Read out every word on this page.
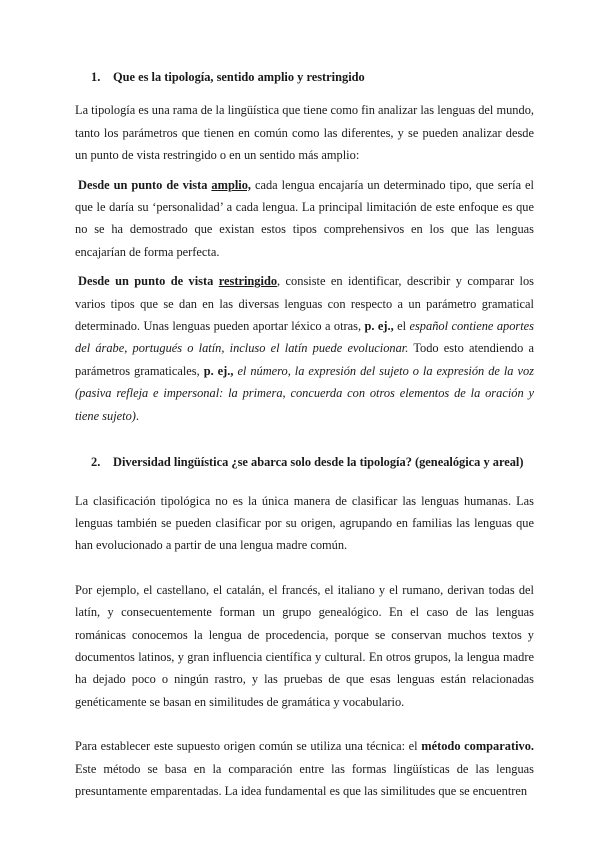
1. Que es la tipología, sentido amplio y restringido

La tipología es una rama de la lingüística que tiene como fin analizar las lenguas del mundo, tanto los parámetros que tienen en común como las diferentes, y se pueden analizar desde un punto de vista restringido o en un sentido más amplio:

Desde un punto de vista amplio, cada lengua encajaría un determinado tipo, que sería el que le daría su ‘personalidad’ a cada lengua. La principal limitación de este enfoque es que no se ha demostrado que existan estos tipos comprehensivos en los que las lenguas encajarían de forma perfecta.

Desde un punto de vista restringido, consiste en identificar, describir y comparar los varios tipos que se dan en las diversas lenguas con respecto a un parámetro gramatical determinado. Unas lenguas pueden aportar léxico a otras, p. ej., el español contiene aportes del árabe, portugués o latín, incluso el latín puede evolucionar. Todo esto atendiendo a parámetros gramaticales, p. ej., el número, la expresión del sujeto o la expresión de la voz (pasiva refleja e impersonal: la primera, concuerda con otros elementos de la oración y tiene sujeto).

2. Diversidad lingüística ¿se abarca solo desde la tipología? (genealógica y areal)

La clasificación tipológica no es la única manera de clasificar las lenguas humanas. Las lenguas también se pueden clasificar por su origen, agrupando en familias las lenguas que han evolucionado a partir de una lengua madre común.

Por ejemplo, el castellano, el catalán, el francés, el italiano y el rumano, derivan todas del latín, y consecuentemente forman un grupo genealógico. En el caso de las lenguas románicas conocemos la lengua de procedencia, porque se conservan muchos textos y documentos latinos, y gran influencia científica y cultural. En otros grupos, la lengua madre ha dejado poco o ningún rastro, y las pruebas de que esas lenguas están relacionadas genéticamente se basan en similitudes de gramática y vocabulario.

Para establecer este supuesto origen común se utiliza una técnica: el método comparativo. Este método se basa en la comparación entre las formas lingüísticas de las lenguas presuntamente emparentadas. La idea fundamental es que las similitudes que se encuentren
